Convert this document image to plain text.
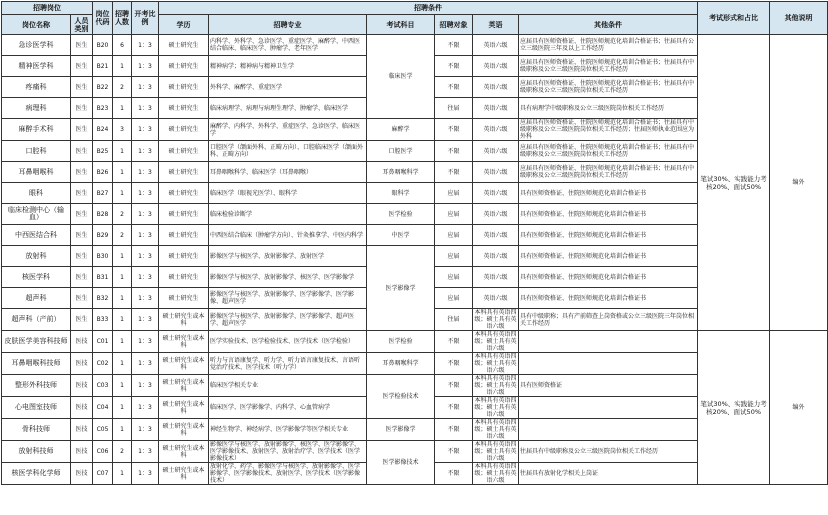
招聘岗位		岗位代码	招聘人数	开考比例	招聘条件						考试形式和占比	其他说明
岗位名称	人员类别				学历	招聘专业	考试科目	招聘对象	英语	其他条件		
急诊医学科	医生	B20	6	1：3	硕士研究生	内科学、外科学、急诊医学、重症医学、麻醉学、中西医结合临床、临床医学、肿瘤学、老年医学	临床医学	不限	英语六级	应届具有医师资格证、住院医师规范化培训合格证书；往届具有公立三级医院三年及以上工作经历	笔试30%、实践能力考核20%、面试50%	编外
精神医学科	医生	B21	1	1：3	硕士研究生	精神病学；精神病与精神卫生学		不限	英语六级	应届具有医师资格证、住院医师规范化培训合格证书；往届具有中级职称及公立三级医院岗位相关工作经历		
疼痛科	医生	B22	2	1：3	硕士研究生	外科学、麻醉学、重症医学		不限	英语六级	应届具有医师资格证、住院医师规范化培训合格证书；往届具有中级职称及公立三级医院岗位相关工作经历		
病理科	医生	B23	1	1：3	硕士研究生	临床病理学、病理与病理生理学、肿瘤学、临床医学		往届	英语六级	具有病理学中级职称及公立三级医院岗位相关工作经历		
麻醉手术科	医生	B24	3	1：3	硕士研究生	麻醉学、内科学、外科学、重症医学、急诊医学、临床医学	麻醉学	不限	英语六级	应届具有医师资格证、住院医师规范化培训合格证书；往届具有中级职称及公立三级医院岗位相关工作经历；往届医师执业范围应为外科		
口腔科	医生	B25	1	1：3	硕士研究生	口腔医学（颌面外科、正畸方向）、口腔临床医学（颌面外科、正畸方向）	口腔医学	不限	英语六级	应届具有医师资格证、住院医师规范化培训合格证书；往届具有中级职称及公立三级医院岗位相关工作经历		
耳鼻咽喉科	医生	B26	1	1：3	硕士研究生	耳鼻咽喉科学、临床医学（耳鼻咽喉）	耳鼻咽喉科学	不限	英语六级	应届具有医师资格证、住院医师规范化培训合格证书；往届具有中级职称及公立三级医院岗位相关工作经历		
眼科	医生	B27	1	1：3	硕士研究生	临床医学（眼视光医学）、眼科学	眼科学	应届	英语六级	具有医师资格证、住院医师规范化培训合格证书		
临床检测中心（输血）	医生	B28	2	1：3	硕士研究生	临床检验诊断学	医学检验	应届	英语六级	具有医师资格证、住院医师规范化培训合格证书		
中西医结合科	医生	B29	2	1：3	硕士研究生	中西医结合临床（肿瘤学方向）、针灸推拿学、中医内科学	中医学	应届	英语六级	具有医师资格证、住院医师规范化培训合格证书		
放射科	医生	B30	1	1：3	硕士研究生	影像医学与核医学、放射影像学、放射医学	医学影像学	应届	英语六级	具有医师资格证、住院医师规范化培训合格证书		
核医学科	医生	B31	1	1：3	硕士研究生	影像医学与核医学、放射影像学、核医学、医学影像学		应届	英语六级	具有医师资格证、住院医师规范化培训合格证书		
超声科	医生	B32	1	1：3	硕士研究生	影像医学与核医学、放射影像学、医学影像学、医学影像、超声医学		应届	英语六级	具有医师资格证、住院医师规范化培训合格证书		
超声科（产前）	医生	B33	1	1：3	硕士研究生或本科	影像医学与核医学、放射影像学、医学影像学、超声医学、超声医学		往届	本科具有英语四级；硕士具有英语六级	具有中级职称；具有产前筛查上岗资格或公立三级医院三年岗位相关工作经历		
皮肤医学美容科技师	医技	C01	1	1：3	硕士研究生或本科	医学实验技术、医学检验技术、医学技术（医学检验）	医学检验	不限	本科具有英语四级；硕士具有英语六级		笔试30%、实践能力考核20%、面试50%	编外
耳鼻咽喉科技师	医技	C02	1	1：3	硕士研究生或本科	听力与言语康复学、听力学、听力语言康复技术、言语听觉治疗技术、医学技术（听力学）	耳鼻咽喉科学	不限	本科具有英语四级；硕士具有英语六级			
整形外科技师	医技	C03	1	1：3	硕士研究生或本科	临床医学相关专业	医学检验技术	不限	本科具有英语四级；硕士具有英语六级	具有医师资格证		
心电图室技师	医技	C04	1	1：3	硕士研究生或本科	临床医学、医学影像学、内科学、心血管病学		不限	本科具有英语四级；硕士具有英语六级			
骨科技师	医技	C05	1	1：3	硕士研究生或本科	神经生物学、神经病学、医学影像学等医学相关专业	医学影像学	不限	本科具有英语四级；硕士具有英语六级			
放射科技师	医技	C06	2	1：3	硕士研究生或本科	影像医学与核医学、放射影像学、核医学、医学影像学、医学影像技术、放射医学、放射治疗学、医学技术（医学影像技术）	医学影像技术	不限	本科具有英语四级；硕士具有英语六级	往届具有中级职称及公立三级医院岗位相关工作经历		
核医学科化学师	医技	C07	1	1：3	硕士研究生或本科	放射化学、药学、影像医学与核医学、放射影像学、医学影像学、医学影像技术、放射医学、医学技术（医学影像技术）		不限	本科具有英语四级；硕士具有英语六级	往届具有放射化学相关上岗证		
